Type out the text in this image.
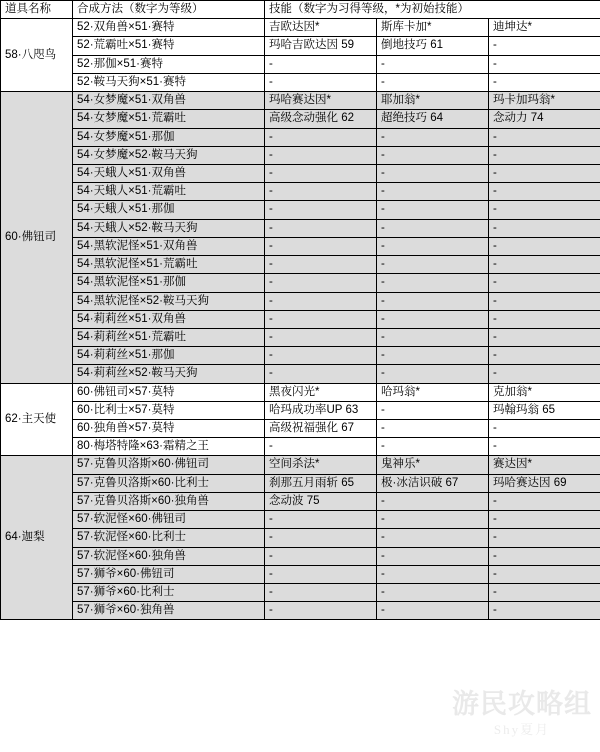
道具名称	合成方法（数字为等级）	技能（数字为习得等级，*为初始技能）		
58·八咫鸟	52·双角兽×51·赛特	吉欧达因*	斯库卡加*	迪坤达*
	52·荒霸吐×51·赛特	玛哈吉欧达因 59	倒地技巧 61	-
	52·那伽×51·赛特	-	-	-
	52·鞍马天狗×51·赛特	-	-	-
60·佛钮司	54·女梦魔×51·双角兽	玛哈赛达因*	耶加翁*	玛卡加玛翁*
	54·女梦魔×51·荒霸吐	高级念动强化 62	超绝技巧 64	念动力 74
	54·女梦魔×51·那伽	-	-	-
	54·女梦魔×52·鞍马天狗	-	-	-
	54·天蛾人×51·双角兽	-	-	-
	54·天蛾人×51·荒霸吐	-	-	-
	54·天蛾人×51·那伽	-	-	-
	54·天蛾人×52·鞍马天狗	-	-	-
	54·黑软泥怪×51·双角兽	-	-	-
	54·黑软泥怪×51·荒霸吐	-	-	-
	54·黑软泥怪×51·那伽	-	-	-
	54·黑软泥怪×52·鞍马天狗	-	-	-
	54·莉莉丝×51·双角兽	-	-	-
	54·莉莉丝×51·荒霸吐	-	-	-
	54·莉莉丝×51·那伽	-	-	-
	54·莉莉丝×52·鞍马天狗	-	-	-
62·主天使	60·佛钮司×57·莫特	黑夜闪光*	哈玛翁*	克加翁*
	60·比利士×57·莫特	哈玛成功率UP 63	-	玛翰玛翁 65
	60·独角兽×57·莫特	高级祝福强化 67	-	-
	80·梅塔特隆×63·霜精之王	-	-	-
64·迦梨	57·克鲁贝洛斯×60·佛钮司	空间杀法*	鬼神乐*	赛达因*
	57·克鲁贝洛斯×60·比利士	刹那五月雨斩 65	极·冰洁识破 67	玛哈赛达因 69
	57·克鲁贝洛斯×60·独角兽	念动波 75	-	-
	57·软泥怪×60·佛钮司	-	-	-
	57·软泥怪×60·比利士	-	-	-
	57·软泥怪×60·独角兽	-	-	-
	57·狮爷×60·佛钮司	-	-	-
	57·狮爷×60·比利士	-	-	-
	57·狮爷×60·独角兽	-	-	-
游民攻略组
Shy夏月
